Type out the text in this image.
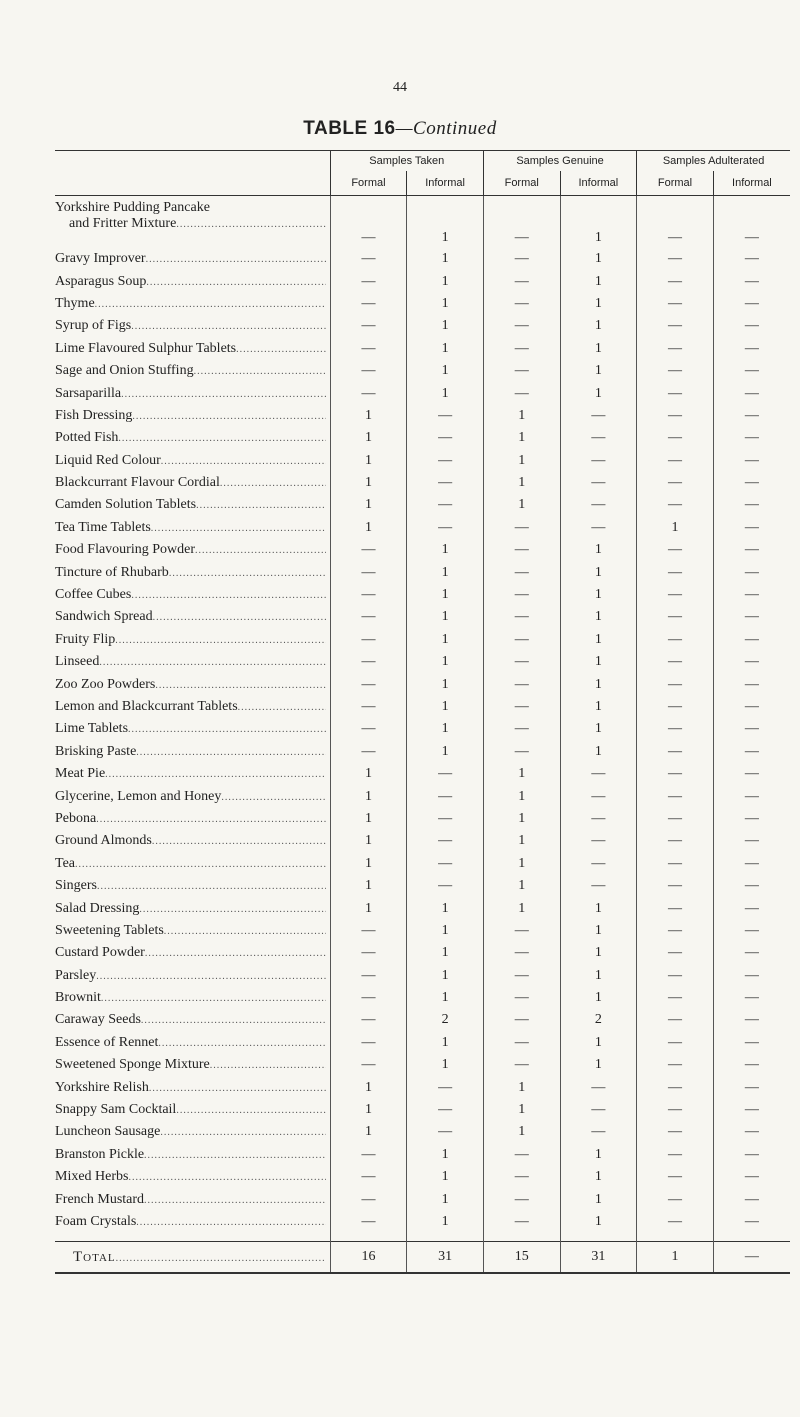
44
TABLE 16—Continued
	Samples Taken		Samples Genuine		Samples Adulterated	
	Formal	Informal	Formal	Informal	Formal	Informal

Yorkshire Pudding Pancake
and Fritter Mixture
.....	—	1	—	1	—	—

Gravy Improver
.....	—	1	—	1	—	—

Asparagus Soup
.....	—	1	—	1	—	—

Thyme
.....	—	1	—	1	—	—

Syrup of Figs
.....	—	1	—	1	—	—

Lime Flavoured Sulphur Tablets
.....	—	1	—	1	—	—

Sage and Onion Stuffing
.....	—	1	—	1	—	—

Sarsaparilla
.....	—	1	—	1	—	—

Fish Dressing
.....	1	—	1	—	—	—

Potted Fish
.....	1	—	1	—	—	—

Liquid Red Colour
.....	1	—	1	—	—	—

Blackcurrant Flavour Cordial
.....	1	—	1	—	—	—

Camden Solution Tablets
.....	1	—	1	—	—	—

Tea Time Tablets
.....	1	—	—	—	1	—

Food Flavouring Powder
.....	—	1	—	1	—	—

Tincture of Rhubarb
.....	—	1	—	1	—	—

Coffee Cubes
.....	—	1	—	1	—	—

Sandwich Spread
.....	—	1	—	1	—	—

Fruity Flip
.....	—	1	—	1	—	—

Linseed
.....	—	1	—	1	—	—

Zoo Zoo Powders
.....	—	1	—	1	—	—

Lemon and Blackcurrant Tablets
.....	—	1	—	1	—	—

Lime Tablets
.....	—	1	—	1	—	—

Brisking Paste
.....	—	1	—	1	—	—

Meat Pie
.....	1	—	1	—	—	—

Glycerine, Lemon and Honey
.....	1	—	1	—	—	—

Pebona
.....	1	—	1	—	—	—

Ground Almonds
.....	1	—	1	—	—	—

Tea
.....	1	—	1	—	—	—

Singers
.....	1	—	1	—	—	—

Salad Dressing
.....	1	1	1	1	—	—

Sweetening Tablets
.....	—	1	—	1	—	—

Custard Powder
.....	—	1	—	1	—	—

Parsley
.....	—	1	—	1	—	—

Brownit
.....	—	1	—	1	—	—

Caraway Seeds
.....	—	2	—	2	—	—

Essence of Rennet
.....	—	1	—	1	—	—

Sweetened Sponge Mixture
.....	—	1	—	1	—	—

Yorkshire Relish
.....	1	—	1	—	—	—

Snappy Sam Cocktail
.....	1	—	1	—	—	—

Luncheon Sausage
.....	1	—	1	—	—	—

Branston Pickle
.....	—	1	—	1	—	—

Mixed Herbs
.....	—	1	—	1	—	—

French Mustard
.....	—	1	—	1	—	—

Foam Crystals
.....	—	1	—	1	—	—

Total
.....	16	31	15	31	1	—
